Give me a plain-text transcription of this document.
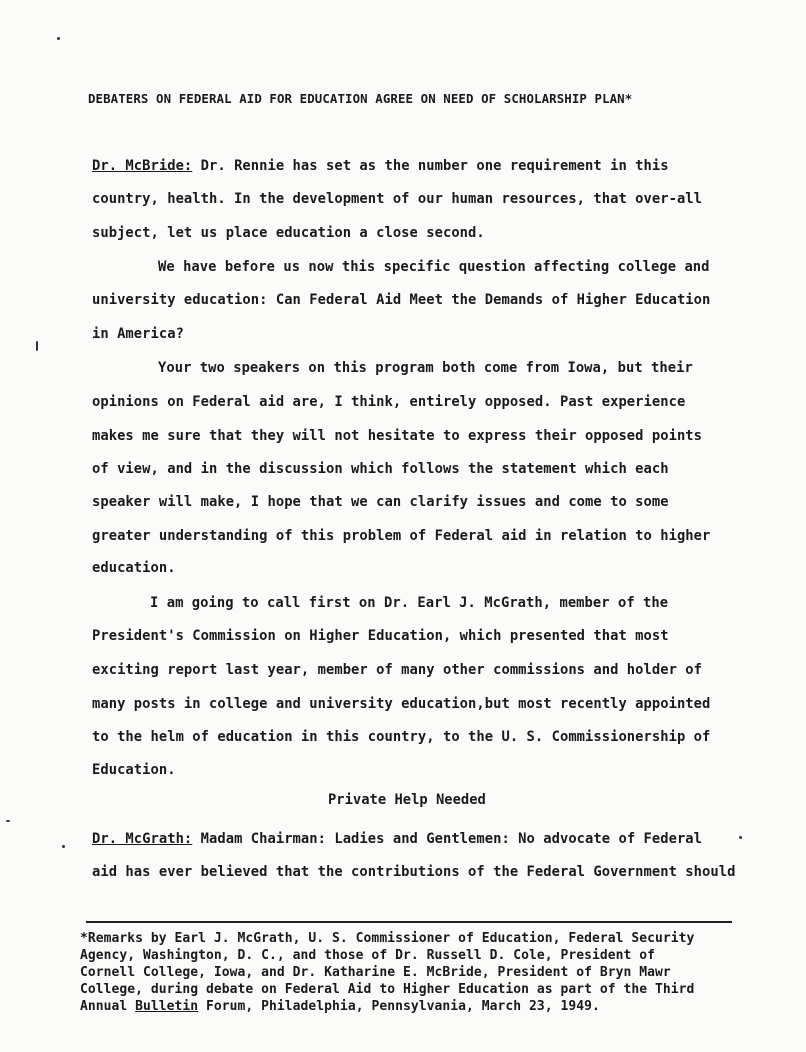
DEBATERS ON FEDERAL AID FOR EDUCATION AGREE ON NEED OF SCHOLARSHIP PLAN*
Dr. McBride: Dr. Rennie has set as the number one requirement in this
country, health. In the development of our human resources, that over-all
subject, let us place education a close second.
We have before us now this specific question affecting college and
university education: Can Federal Aid Meet the Demands of Higher Education
in America?
Your two speakers on this program both come from Iowa, but their
opinions on Federal aid are, I think, entirely opposed. Past experience
makes me sure that they will not hesitate to express their opposed points
of view, and in the discussion which follows the statement which each
speaker will make, I hope that we can clarify issues and come to some
greater understanding of this problem of Federal aid in relation to higher
education.
I am going to call first on Dr. Earl J. McGrath, member of the
President's Commission on Higher Education, which presented that most
exciting report last year, member of many other commissions and holder of
many posts in college and university education,but most recently appointed
to the helm of education in this country, to the U. S. Commissionership of
Education.
Private Help Needed
Dr. McGrath: Madam Chairman: Ladies and Gentlemen: No advocate of Federal
aid has ever believed that the contributions of the Federal Government should
*Remarks by Earl J. McGrath, U. S. Commissioner of Education, Federal Security
Agency, Washington, D. C., and those of Dr. Russell D. Cole, President of
Cornell College, Iowa, and Dr. Katharine E. McBride, President of Bryn Mawr
College, during debate on Federal Aid to Higher Education as part of the Third
Annual Bulletin Forum, Philadelphia, Pennsylvania, March 23, 1949.
